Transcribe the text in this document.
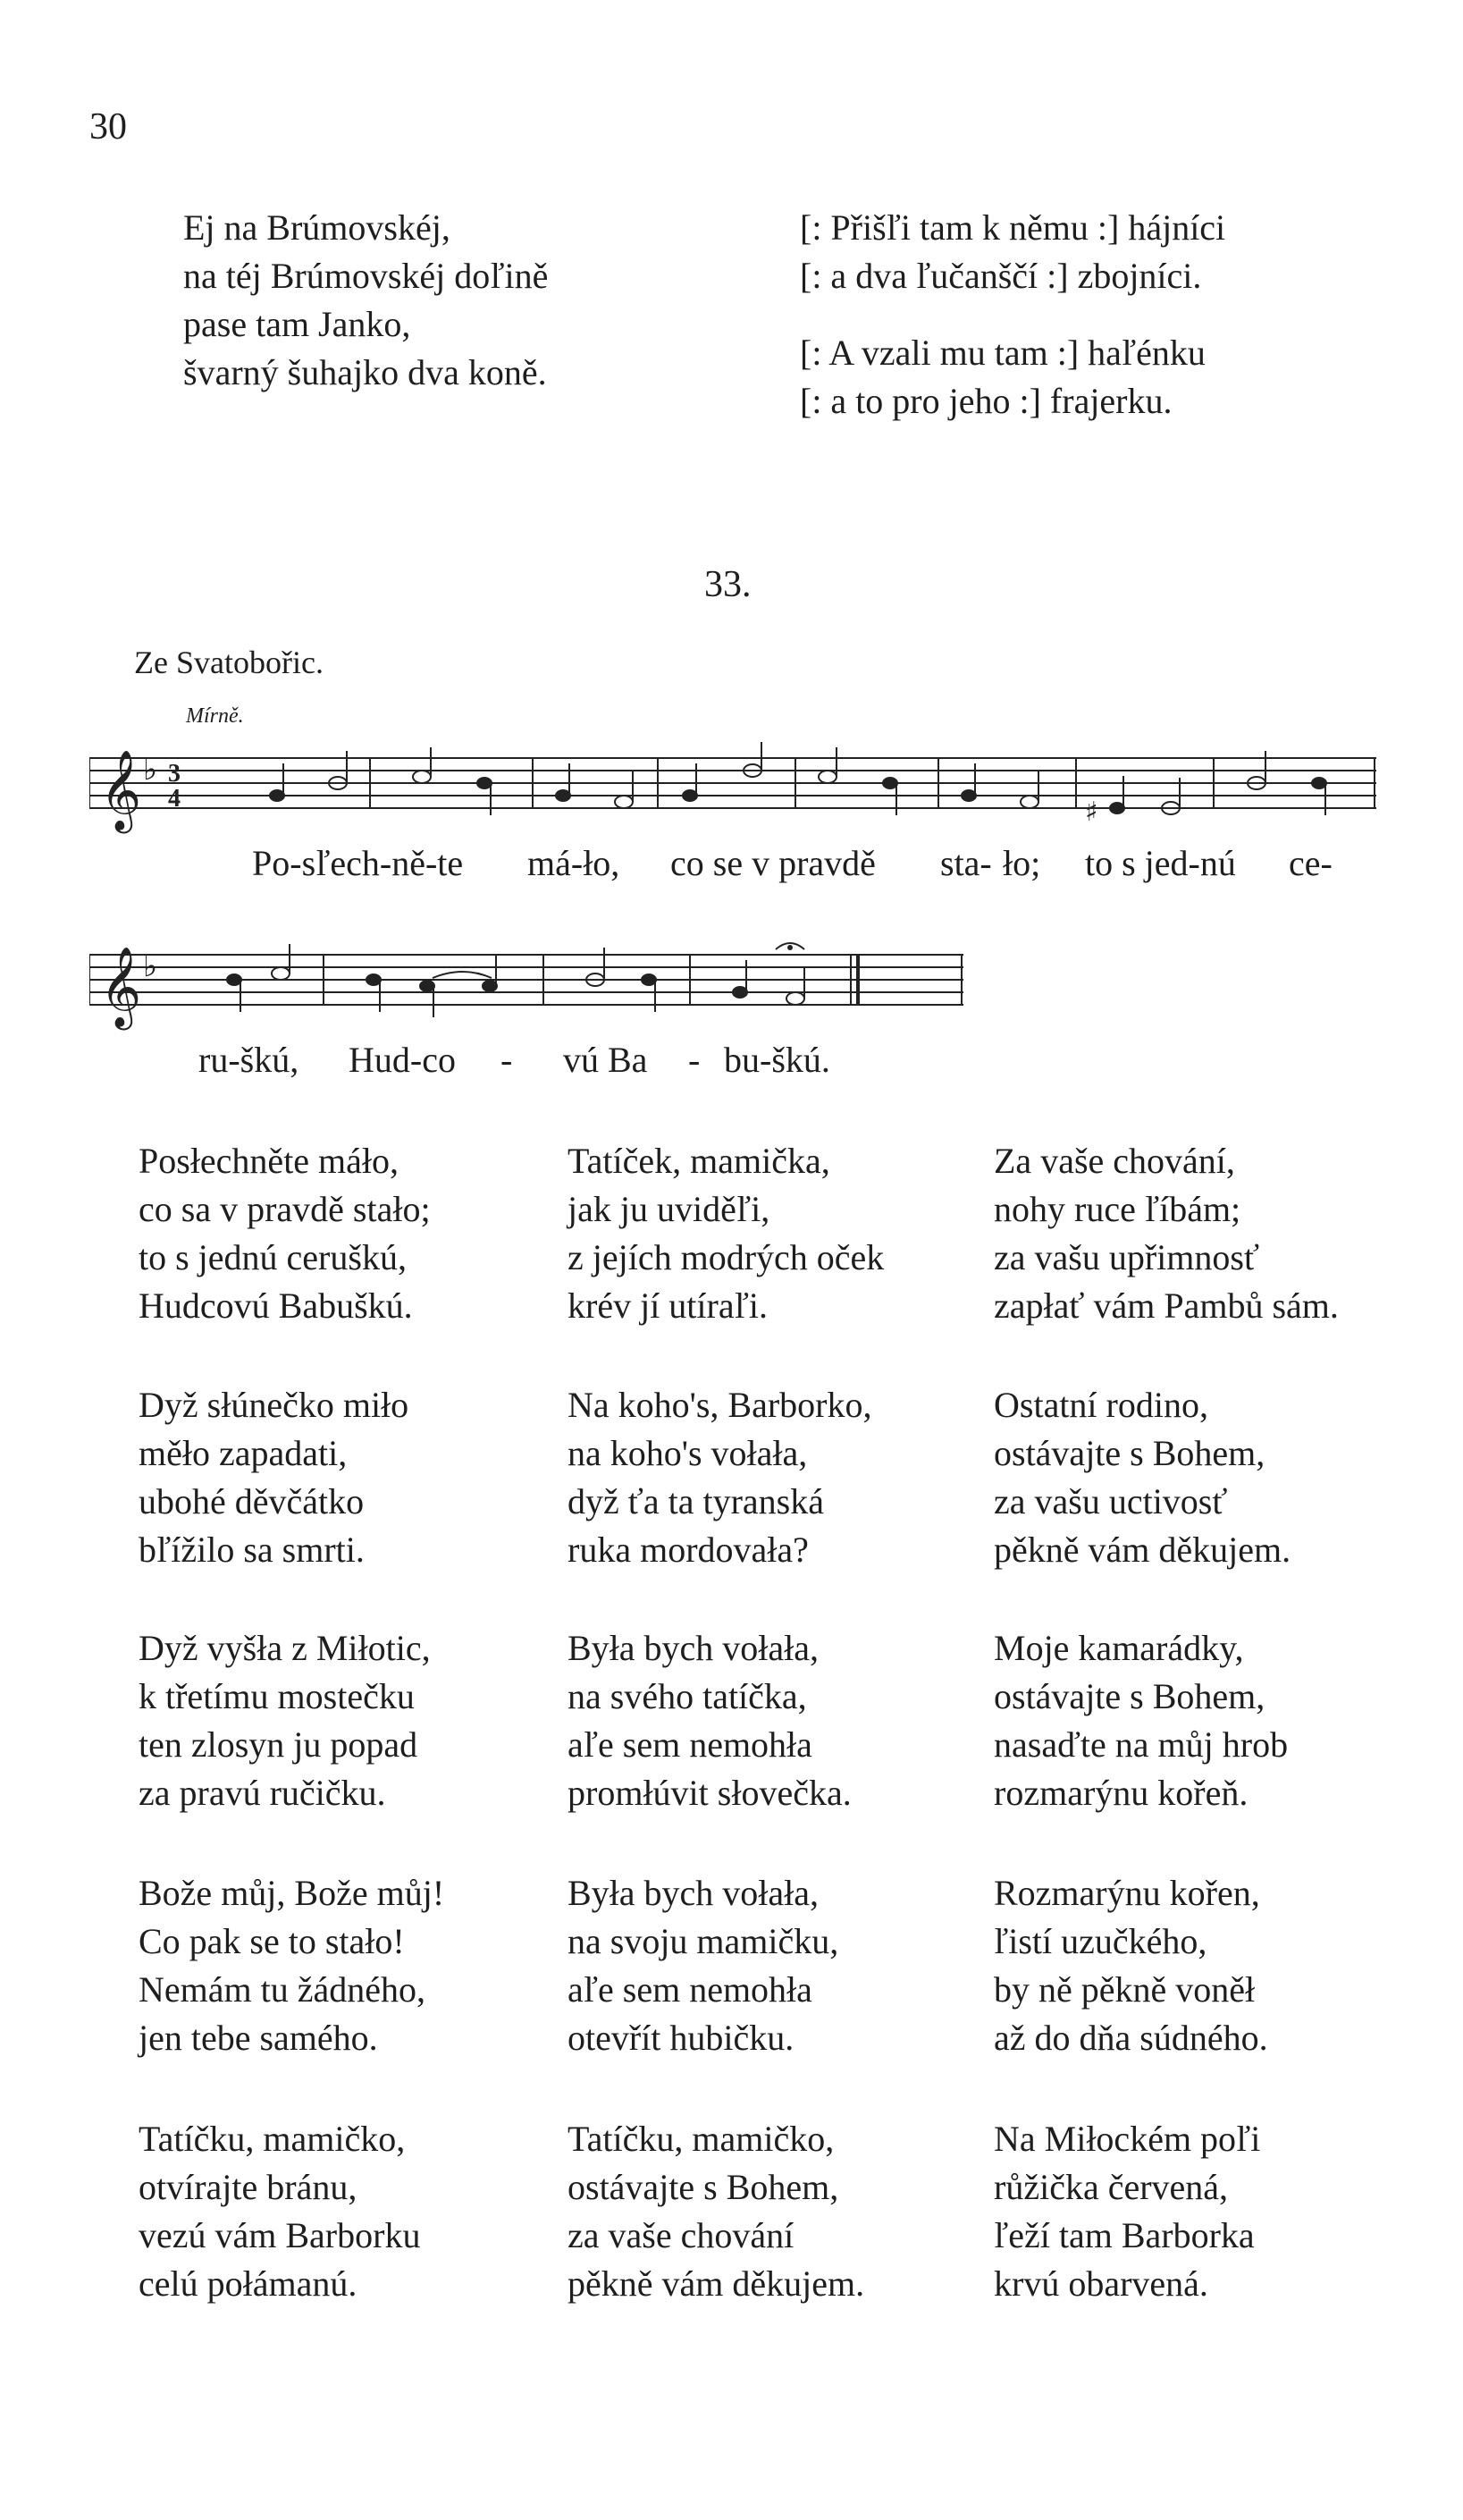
30
Ej na Brúmovskéj,
na téj Brúmovskéj doľině
pase tam Janko,
švarný šuhajko dva koně.
[: Přišľi tam k němu :] hájníci
[: a dva ľučanščí :] zbojníci.
[: A vzali mu tam :] haľénku
[: a to pro jeho :] frajerku.
33.
Ze Svatobořic.
Mírně.
𝄞 ♭ 3
4	♯
Po-sľech-ně-te má-ło, co se v pravdě sta- ło; to s jed-nú ce-
𝄞 ♭
ru-škú, Hud-co - vú Ba - bu-škú.
Posłechněte máło,
co sa v pravdě stało;
to s jednú ceruškú,
Hudcovú Babuškú.
Tatíček, mamička,
jak ju uviděľi,
z jejích modrých oček
krév jí utíraľi.
Za vaše chování,
nohy ruce ľíbám;
za vašu upřimnosť
zapłať vám Pambů sám.
Dyž słúnečko miło
měło zapadati,
ubohé děvčátko
bľížilo sa smrti.
Na koho's, Barborko,
na koho's vołała,
dyž ťa ta tyranská
ruka mordovała?
Ostatní rodino,
ostávajte s Bohem,
za vašu uctivosť
pěkně vám děkujem.
Dyž vyšła z Miłotic,
k třetímu mostečku
ten zlosyn ju popad
za pravú ručičku.
Była bych vołała,
na svého tatíčka,
aľe sem nemohła
promłúvit słovečka.
Moje kamarádky,
ostávajte s Bohem,
nasaďte na můj hrob
rozmarýnu kořeň.
Bože můj, Bože můj!
Co pak se to stało!
Nemám tu žádného,
jen tebe samého.
Była bych vołała,
na svoju mamičku,
aľe sem nemohła
otevřít hubičku.
Rozmarýnu kořen,
ľistí uzučkého,
by ně pěkně voněł
až do dňa súdného.
Tatíčku, mamičko,
otvírajte bránu,
vezú vám Barborku
celú połámanú.
Tatíčku, mamičko,
ostávajte s Bohem,
za vaše chování
pěkně vám děkujem.
Na Miłockém poľi
růžička červená,
ľeží tam Barborka
krvú obarvená.
